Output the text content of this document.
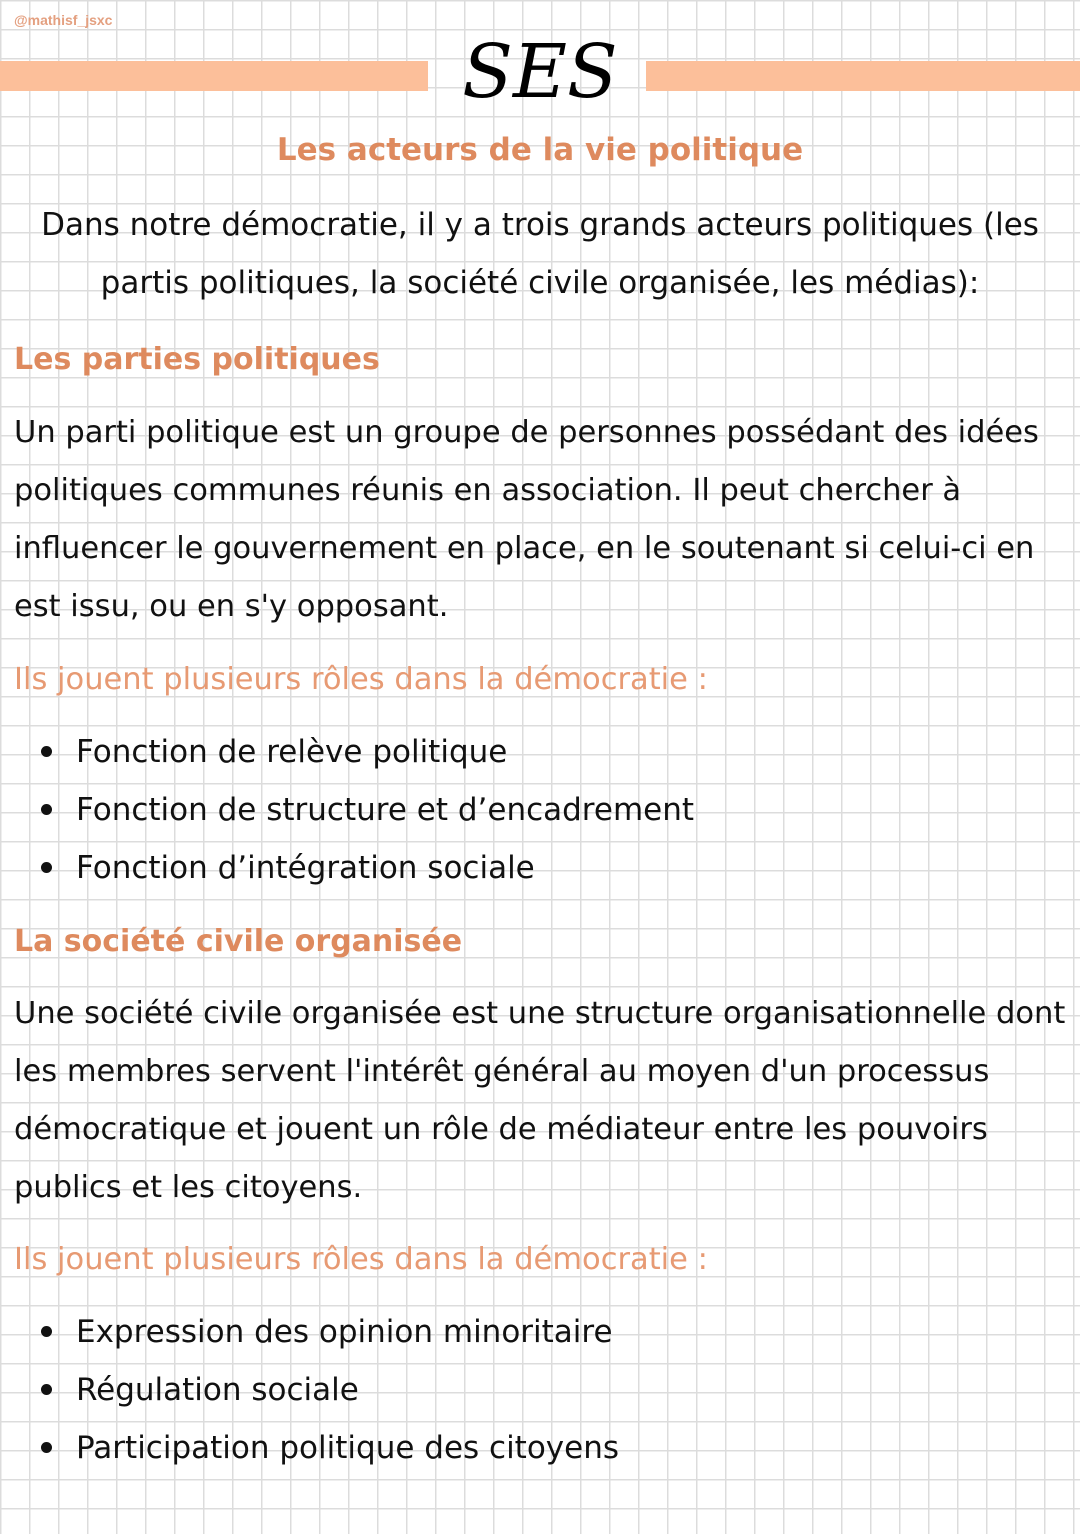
@mathisf_jsxc
SES
Les acteurs de la vie politique
Dans notre démocratie, il y a trois grands acteurs politiques (les partis politiques, la société civile organisée, les médias):
Les parties politiques
Un parti politique est un groupe de personnes possédant des idées politiques communes réunis en association. Il peut chercher à influencer le gouvernement en place, en le soutenant si celui-ci en est issu, ou en s'y opposant.
Ils jouent plusieurs rôles dans la démocratie :
Fonction de relève politique
Fonction de structure et d’encadrement
Fonction d’intégration sociale
La société civile organisée
Une société civile organisée est une structure organisationnelle dont les membres servent l'intérêt général au moyen d'un processus démocratique et jouent un rôle de médiateur entre les pouvoirs publics et les citoyens.
Ils jouent plusieurs rôles dans la démocratie :
Expression des opinion minoritaire
Régulation sociale
Participation politique des citoyens
